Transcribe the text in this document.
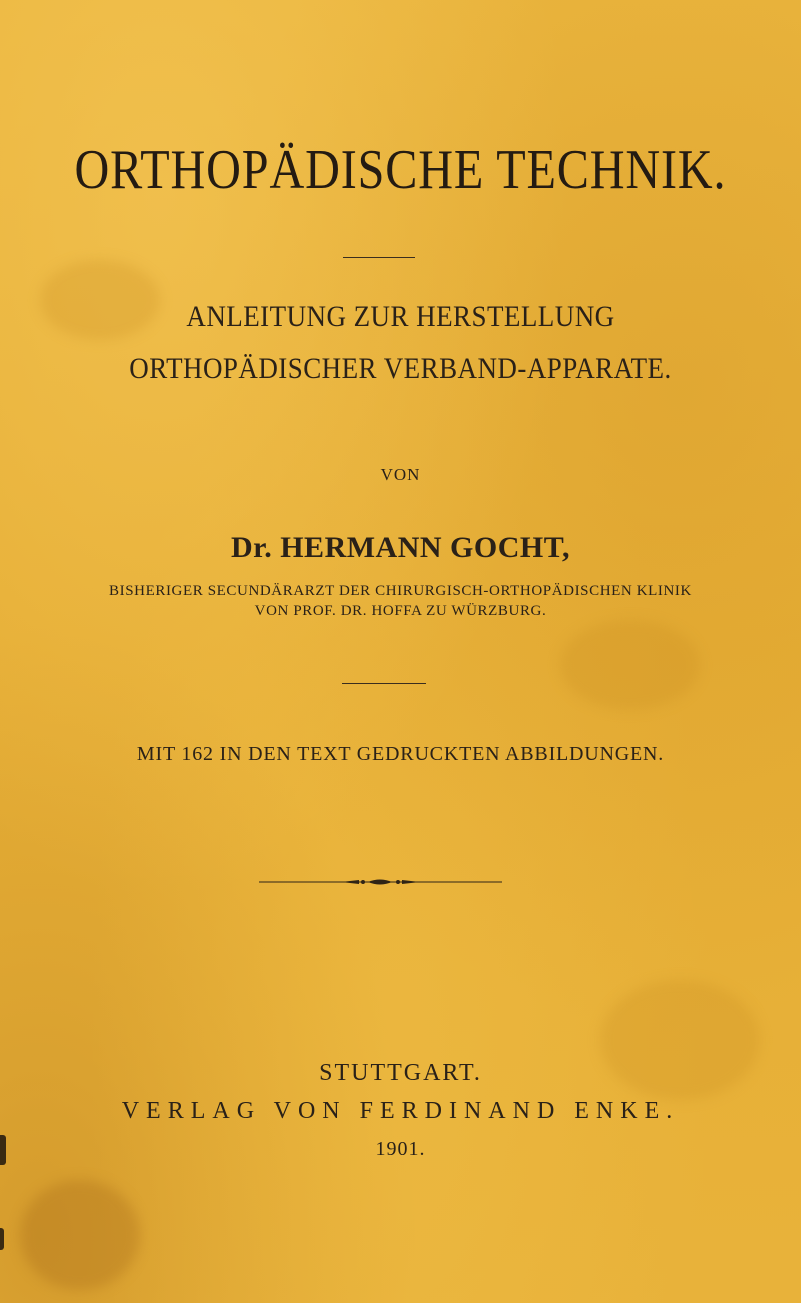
ORTHOPÄDISCHE TECHNIK.
ANLEITUNG ZUR HERSTELLUNG
ORTHOPÄDISCHER VERBAND-APPARATE.
VON
Dr. HERMANN GOCHT,
BISHERIGER SECUNDÄRARZT DER CHIRURGISCH-ORTHOPÄDISCHEN KLINIK
VON PROF. DR. HOFFA ZU WÜRZBURG.
MIT 162 IN DEN TEXT GEDRUCKTEN ABBILDUNGEN.
STUTTGART.
VERLAG VON FERDINAND ENKE.
1901.
